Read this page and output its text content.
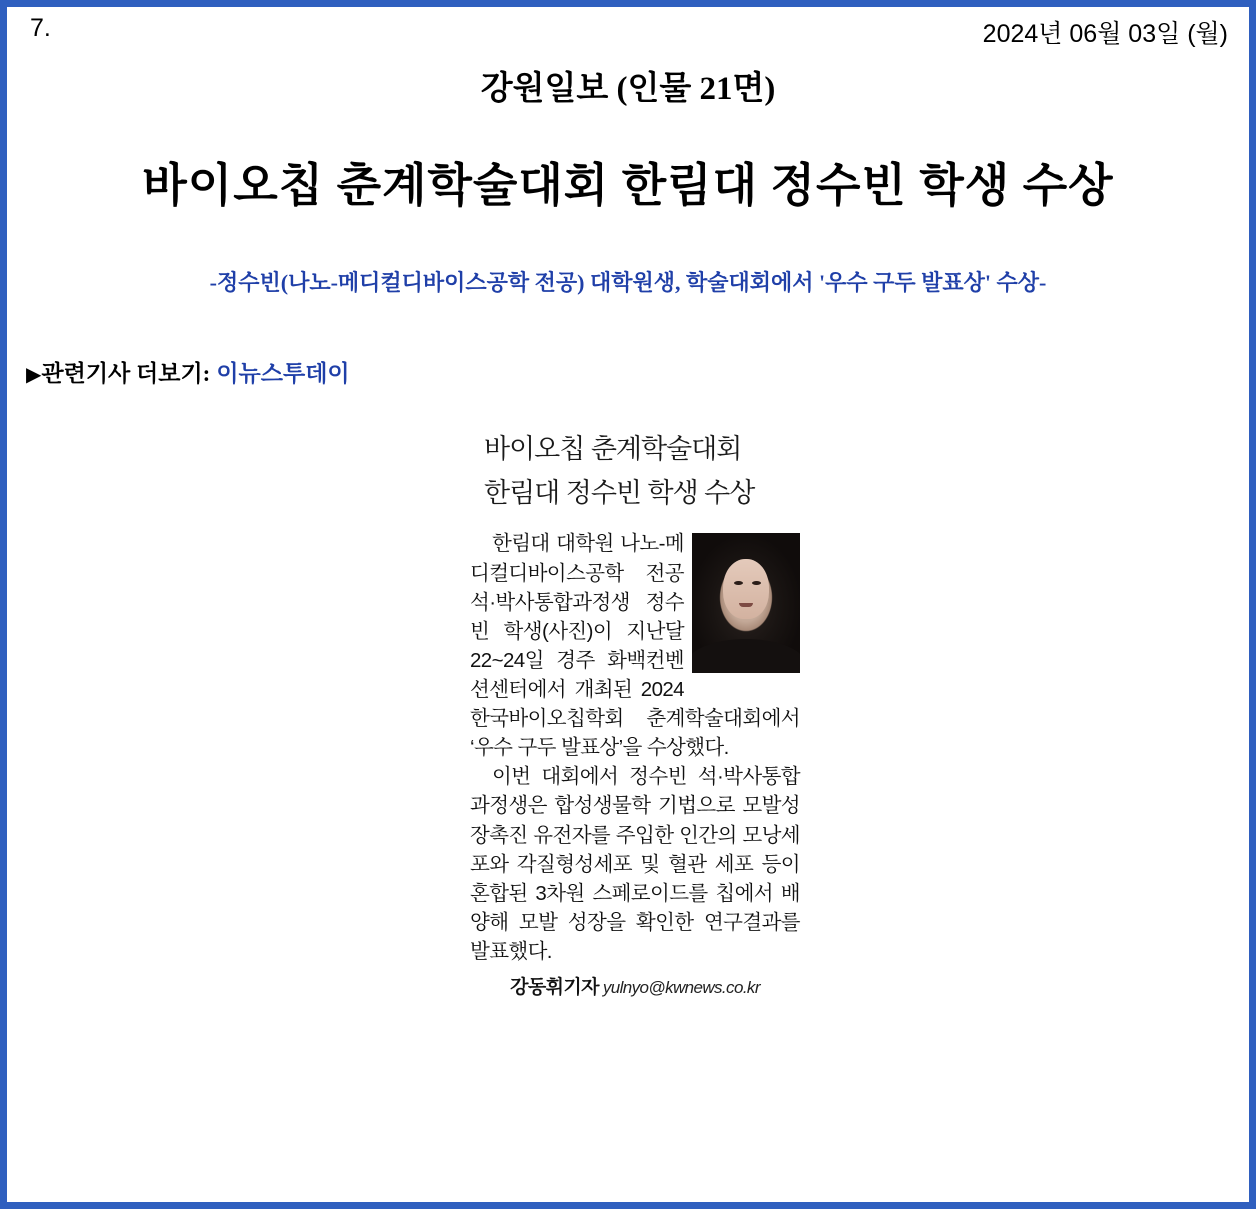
7.	2024년 06월 03일 (월)
강원일보 (인물 21면)
바이오칩 춘계학술대회 한림대 정수빈 학생 수상
-정수빈(나노-메디컬디바이스공학 전공) 대학원생, 학술대회에서 '우수 구두 발표상' 수상-
▶관련기사 더보기: 이뉴스투데이
바이오칩 춘계학술대회
한림대 정수빈 학생 수상

한림대 대학원 나노-메디컬디바이스공학 전공 석·박사통합과정생 정수빈 학생(사진)이 지난달 22~24일 경주 화백컨벤션센터에서 개최된 2024 한국바이오칩학회 춘계학술대회에서 ‘우수 구두 발표상’을 수상했다.

이번 대회에서 정수빈 석·박사통합과정생은 합성생물학 기법으로 모발성장촉진 유전자를 주입한 인간의 모낭세포와 각질형성세포 및 혈관 세포 등이 혼합된 3차원 스페로이드를 칩에서 배양해 모발 성장을 확인한 연구결과를 발표했다.

강동휘기자 yulnyo@kwnews.co.kr
